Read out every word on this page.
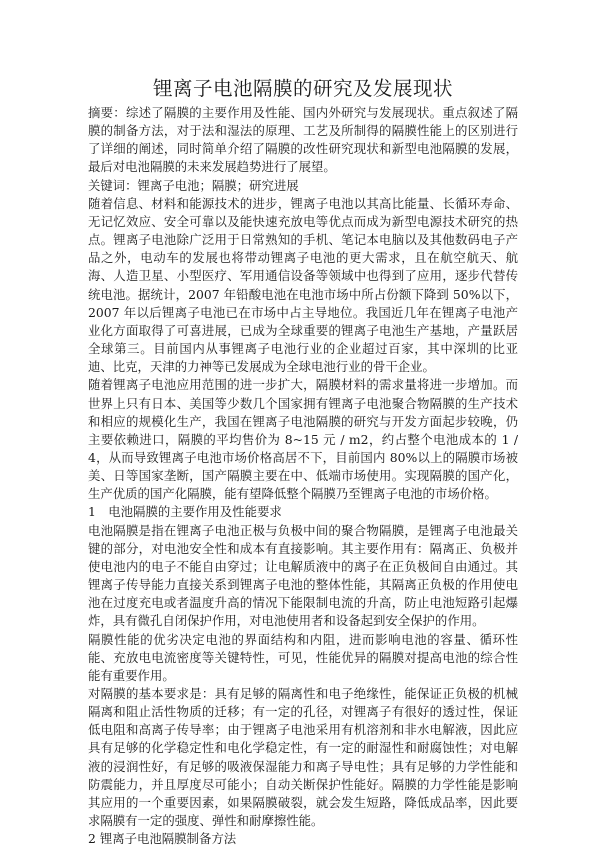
锂离子电池隔膜的研究及发展现状

摘要：综述了隔膜的主要作用及性能、国内外研究与发展现状。重点叙述了隔膜的制备方法，对于法和湿法的原理、工艺及所制得的隔膜性能上的区别进行了详细的阐述，同时简单介绍了隔膜的改性研究现状和新型电池隔膜的发展，最后对电池隔膜的未来发展趋势进行了展望。

关键词：锂离子电池；隔膜；研究进展

随着信息、材料和能源技术的进步，锂离子电池以其高比能量、长循环寿命、无记忆效应、安全可靠以及能快速充放电等优点而成为新型电源技术研究的热点。锂离子电池除广泛用于日常熟知的手机、笔记本电脑以及其他数码电子产品之外，电动车的发展也将带动锂离子电池的更大需求，且在航空航天、航海、人造卫星、小型医疗、军用通信设备等领域中也得到了应用，逐步代替传统电池。据统计，2007 年铅酸电池在电池市场中所占份额下降到 50%以下，2007 年以后锂离子电池已在市场中占主导地位。我国近几年在锂离子电池产业化方面取得了可喜进展，已成为全球重要的锂离子电池生产基地，产量跃居全球第三。目前国内从事锂离子电池行业的企业超过百家，其中深圳的比亚迪、比克，天津的力神等已发展成为全球电池行业的骨干企业。

随着锂离子电池应用范围的进一步扩大，隔膜材料的需求量将进一步增加。而世界上只有日本、美国等少数几个国家拥有锂离子电池聚合物隔膜的生产技术和相应的规模化生产，我国在锂离子电池隔膜的研究与开发方面起步较晚，仍主要依赖进口，隔膜的平均售价为 8~15 元 / m2，约占整个电池成本的 1 / 4，从而导致锂离子电池市场价格高居不下，目前国内 80%以上的隔膜市场被美、日等国家垄断，国产隔膜主要在中、低端市场使用。实现隔膜的国产化，生产优质的国产化隔膜，能有望降低整个隔膜乃至锂离子电池的市场价格。

1　电池隔膜的主要作用及性能要求

电池隔膜是指在锂离子电池正极与负极中间的聚合物隔膜，是锂离子电池最关键的部分，对电池安全性和成本有直接影响。其主要作用有：隔离正、负极并使电池内的电子不能自由穿过；让电解质液中的离子在正负极间自由通过。其锂离子传导能力直接关系到锂离子电池的整体性能，其隔离正负极的作用使电池在过度充电或者温度升高的情况下能限制电流的升高，防止电池短路引起爆炸，具有微孔自闭保护作用，对电池使用者和设备起到安全保护的作用。

隔膜性能的优劣决定电池的界面结构和内阻，进而影响电池的容量、循环性能、充放电电流密度等关键特性，可见，性能优异的隔膜对提高电池的综合性能有重要作用。

对隔膜的基本要求是：具有足够的隔离性和电子绝缘性，能保证正负极的机械隔离和阻止活性物质的迁移；有一定的孔径，对锂离子有很好的透过性，保证低电阻和高离子传导率；由于锂离子电池采用有机溶剂和非水电解液，因此应具有足够的化学稳定性和电化学稳定性，有一定的耐湿性和耐腐蚀性；对电解液的浸润性好，有足够的吸液保湿能力和离子导电性；具有足够的力学性能和防震能力，并且厚度尽可能小；自动关断保护性能好。隔膜的力学性能是影响其应用的一个重要因素，如果隔膜破裂，就会发生短路，降低成品率，因此要求隔膜有一定的强度、弹性和耐摩擦性能。

2 锂离子电池隔膜制备方法
